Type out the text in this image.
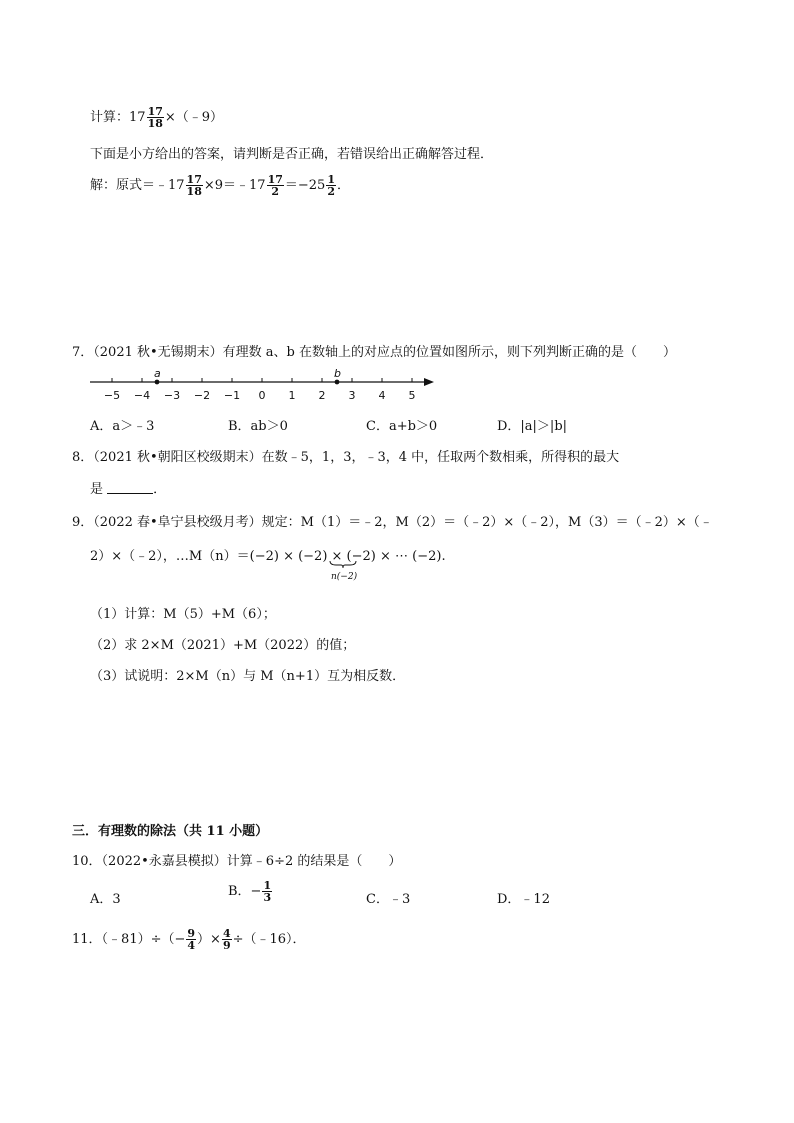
计算：$17 \frac{17}{18}$ ×（﹣9）
下面是小方给出的答案，请判断是否正确，若错误给出正确解答过程．
解：原式＝﹣17 $\frac{17}{18}$ ×9＝﹣17 $\frac{17}{2} =-25 \frac{1}{2}$ ．
7．（2021 秋•无锡期末）有理数 a、b 在数轴上的对应点的位置如图所示，则下列判断正确的是（　　）
−5 −4 −3 −2 −1 0 1 2 3 4 5
a	b
A．a＞﹣3	B．ab＞0	C．a+b＞0	D．|a|＞|b|
8．（2021 秋•朝阳区校级期末）在数﹣5，1，3，﹣3，4 中，任取两个数相乘，所得积的最大
是	．
9．（2022 春•阜宁县校级月考）规定：M（1）＝﹣2，M（2）＝（﹣2）×（﹣2），M（3）＝（﹣2）×（﹣
2）×（﹣2），…M（n）＝(−2) × (−2) × (−2) × ⋯ (−2).
n(−2)
（1）计算：M（5）+M（6）；
（2）求 2×M（2021）+M（2022）的值；
（3）试说明：2×M（n）与 M（n+1）互为相反数．
三．有理数的除法（共 11 小题）
10．（2022•永嘉县模拟）计算﹣6÷2 的结果是（　　）
A．3
B．− $\frac{1}{3}$	C．﹣3	D．﹣12
11．（﹣81）÷（− $\frac{9}{4}$ ）× $\frac{4}{9}$ ÷（﹣16）．
